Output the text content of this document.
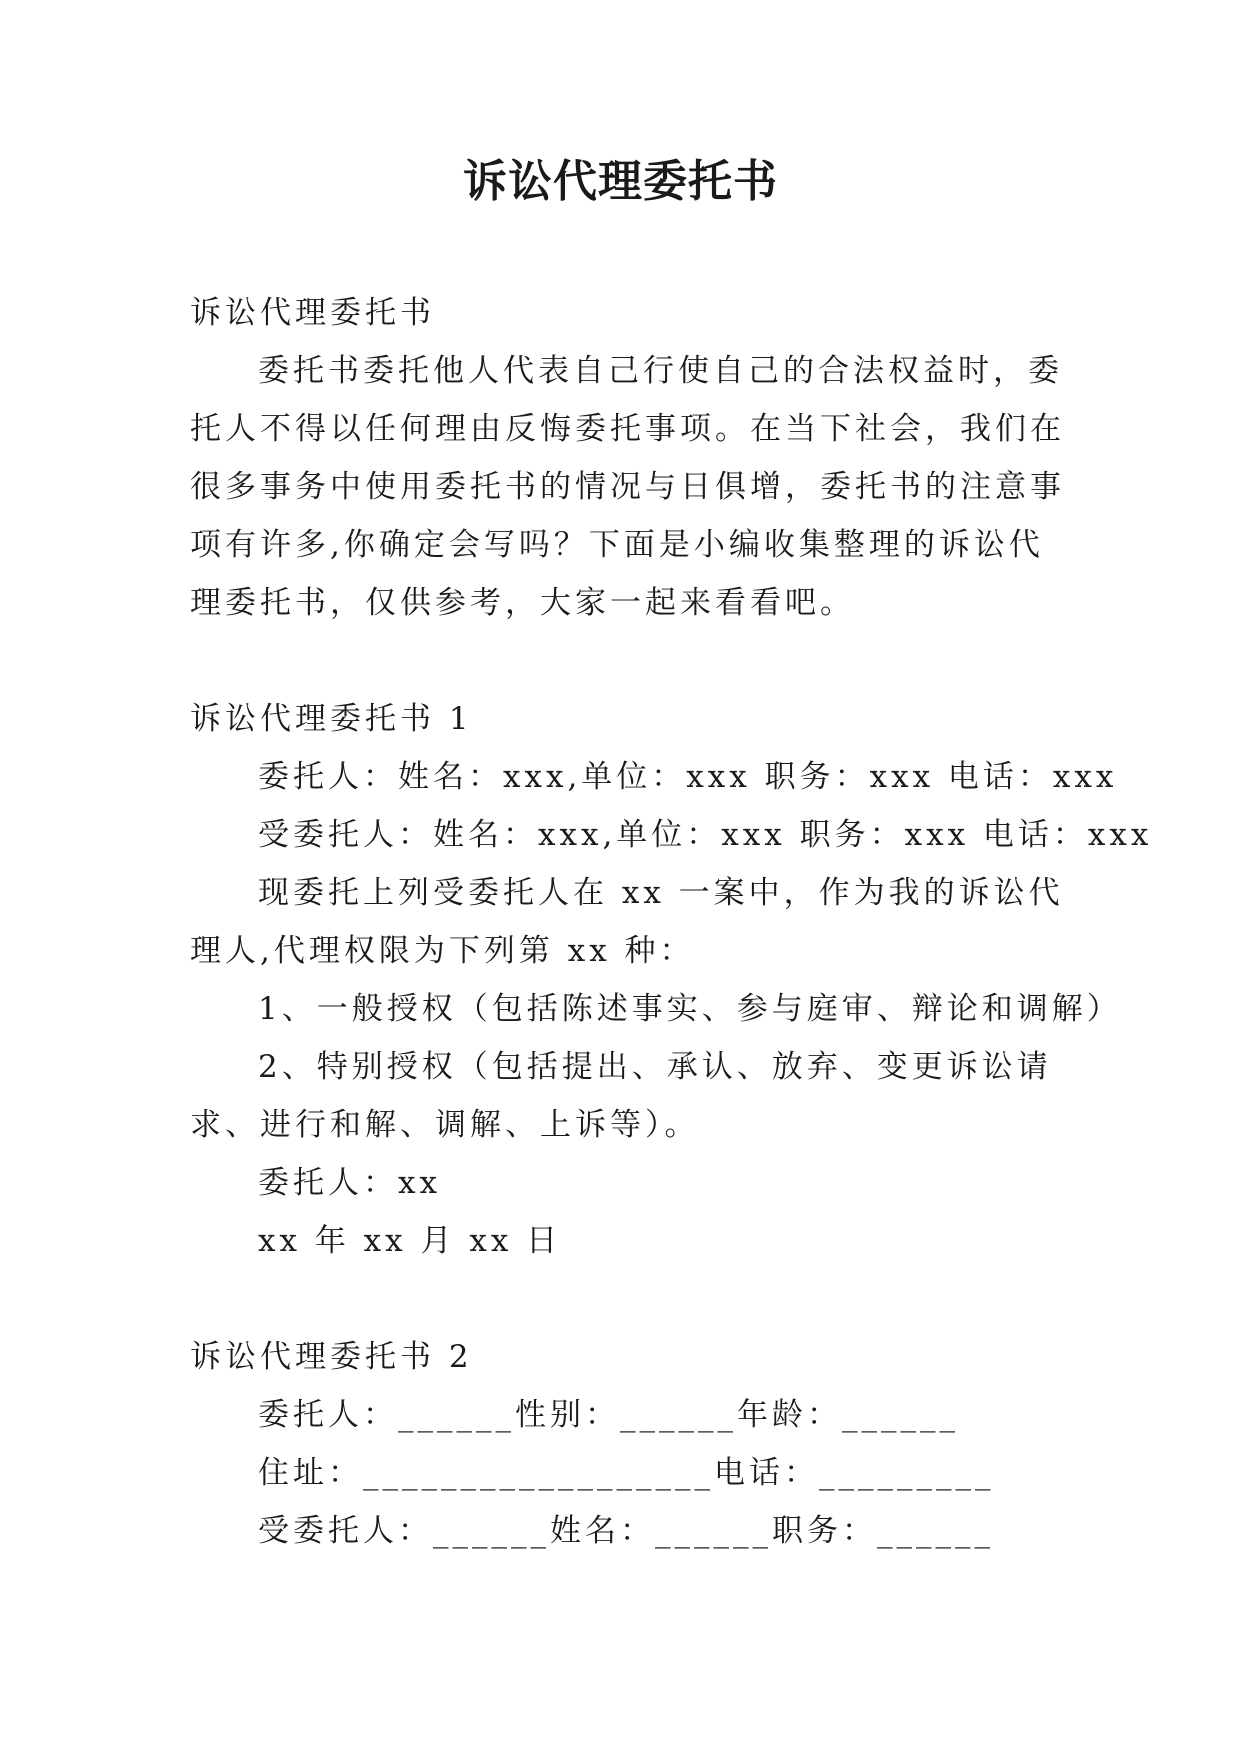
诉讼代理委托书

诉讼代理委托书

委托书委托他人代表自己行使自己的合法权益时，委托人不得以任何理由反悔委托事项。在当下社会，我们在很多事务中使用委托书的情况与日俱增，委托书的注意事项有许多,你确定会写吗？下面是小编收集整理的诉讼代理委托书，仅供参考，大家一起来看看吧。

诉讼代理委托书 1

委托人：姓名：xxx,单位：xxx 职务：xxx 电话：xxx

受委托人：姓名：xxx,单位：xxx 职务：xxx 电话：xxx

现委托上列受委托人在 xx 一案中，作为我的诉讼代理人,代理权限为下列第 xx 种：

1、一般授权（包括陈述事实、参与庭审、辩论和调解）

2、特别授权（包括提出、承认、放弃、变更诉讼请求、进行和解、调解、上诉等）。

委托人：xx

xx 年 xx 月 xx 日

诉讼代理委托书 2

委托人：______性别：______年龄：______

住址：__________________电话：_________

受委托人：______姓名：______职务：______
